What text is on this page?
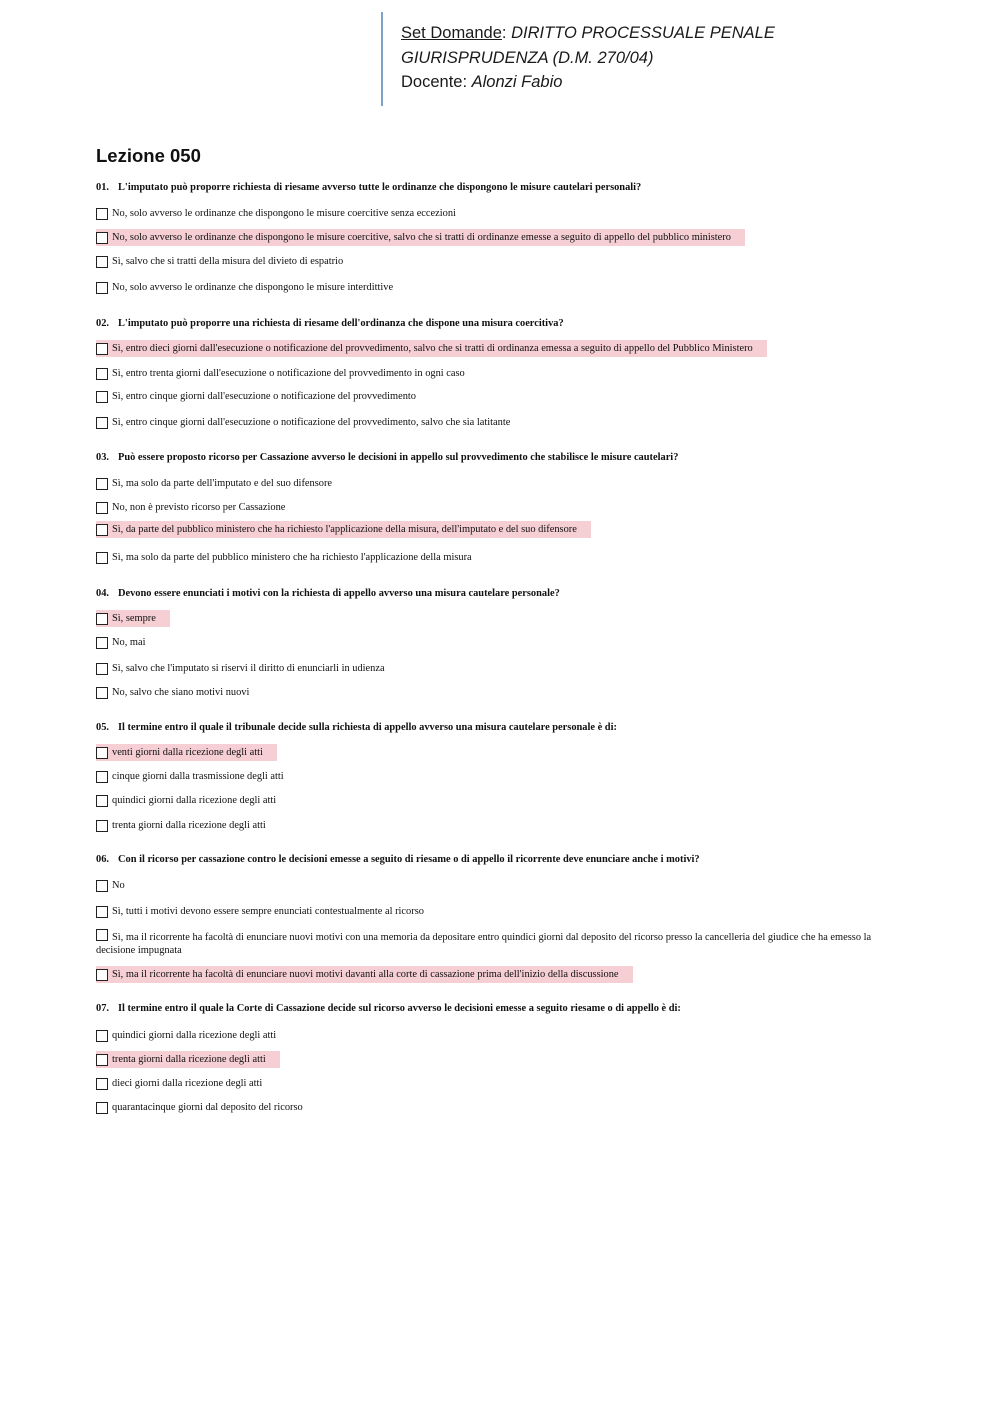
Set Domande: DIRITTO PROCESSUALE PENALE
GIURISPRUDENZA (D.M. 270/04)
Docente: Alonzi Fabio
Lezione 050
01. L'imputato può proporre richiesta di riesame avverso tutte le ordinanze che dispongono le misure cautelari personali?
No, solo avverso le ordinanze che dispongono le misure coercitive senza eccezioni
No, solo avverso le ordinanze che dispongono le misure coercitive, salvo che si tratti di ordinanze emesse a seguito di appello del pubblico ministero
Sì, salvo che si tratti della misura del divieto di espatrio
No, solo avverso le ordinanze che dispongono le misure interdittive
02. L'imputato può proporre una richiesta di riesame dell'ordinanza che dispone una misura coercitiva?
Sì, entro dieci giorni dall'esecuzione o notificazione del provvedimento, salvo che si tratti di ordinanza emessa a seguito di appello del Pubblico Ministero
Sì, entro trenta giorni dall'esecuzione o notificazione del provvedimento in ogni caso
Sì, entro cinque giorni dall'esecuzione o notificazione del provvedimento
Sì, entro cinque giorni dall'esecuzione o notificazione del provvedimento, salvo che sia latitante
03. Può essere proposto ricorso per Cassazione avverso le decisioni in appello sul provvedimento che stabilisce le misure cautelari?
Sì, ma solo da parte dell'imputato e del suo difensore
No, non è previsto ricorso per Cassazione
Sì, da parte del pubblico ministero che ha richiesto l'applicazione della misura, dell'imputato e del suo difensore
Sì, ma solo da parte del pubblico ministero che ha richiesto l'applicazione della misura
04. Devono essere enunciati i motivi con la richiesta di appello avverso una misura cautelare personale?
Sì, sempre
No, mai
Sì, salvo che l'imputato si riservi il diritto di enunciarli in udienza
No, salvo che siano motivi nuovi
05. Il termine entro il quale il tribunale decide sulla richiesta di appello avverso una misura cautelare personale è di:
venti giorni dalla ricezione degli atti
cinque giorni dalla trasmissione degli atti
quindici giorni dalla ricezione degli atti
trenta giorni dalla ricezione degli atti
06. Con il ricorso per cassazione contro le decisioni emesse a seguito di riesame o di appello il ricorrente deve enunciare anche i motivi?
No
Sì, tutti i motivi devono essere sempre enunciati contestualmente al ricorso
Sì, ma il ricorrente ha facoltà di enunciare nuovi motivi con una memoria da depositare entro quindici giorni dal deposito del ricorso presso la cancelleria del giudice che ha emesso la decisione impugnata
Sì, ma il ricorrente ha facoltà di enunciare nuovi motivi davanti alla corte di cassazione prima dell'inizio della discussione
07. Il termine entro il quale la Corte di Cassazione decide sul ricorso avverso le decisioni emesse a seguito riesame o di appello è di:
quindici giorni dalla ricezione degli atti
trenta giorni dalla ricezione degli atti
dieci giorni dalla ricezione degli atti
quarantacinque giorni dal deposito del ricorso
